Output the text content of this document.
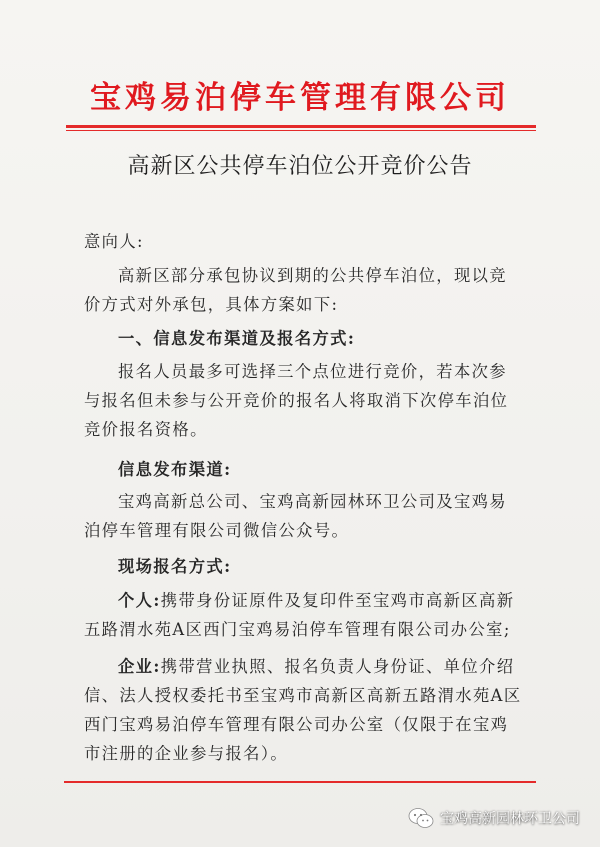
宝鸡易泊停车管理有限公司
高新区公共停车泊位公开竞价公告

意向人:

高新区部分承包协议到期的公共停车泊位，现以竞价方式对外承包，具体方案如下:

一、信息发布渠道及报名方式:

报名人员最多可选择三个点位进行竞价，若本次参与报名但未参与公开竞价的报名人将取消下次停车泊位竞价报名资格。

信息发布渠道:

宝鸡高新总公司、宝鸡高新园林环卫公司及宝鸡易泊停车管理有限公司微信公众号。

现场报名方式:

个人:携带身份证原件及复印件至宝鸡市高新区高新五路渭水苑A区西门宝鸡易泊停车管理有限公司办公室;

企业:携带营业执照、报名负责人身份证、单位介绍信、法人授权委托书至宝鸡市高新区高新五路渭水苑A区西门宝鸡易泊停车管理有限公司办公室（仅限于在宝鸡市注册的企业参与报名）。

宝鸡高新园林环卫公司
